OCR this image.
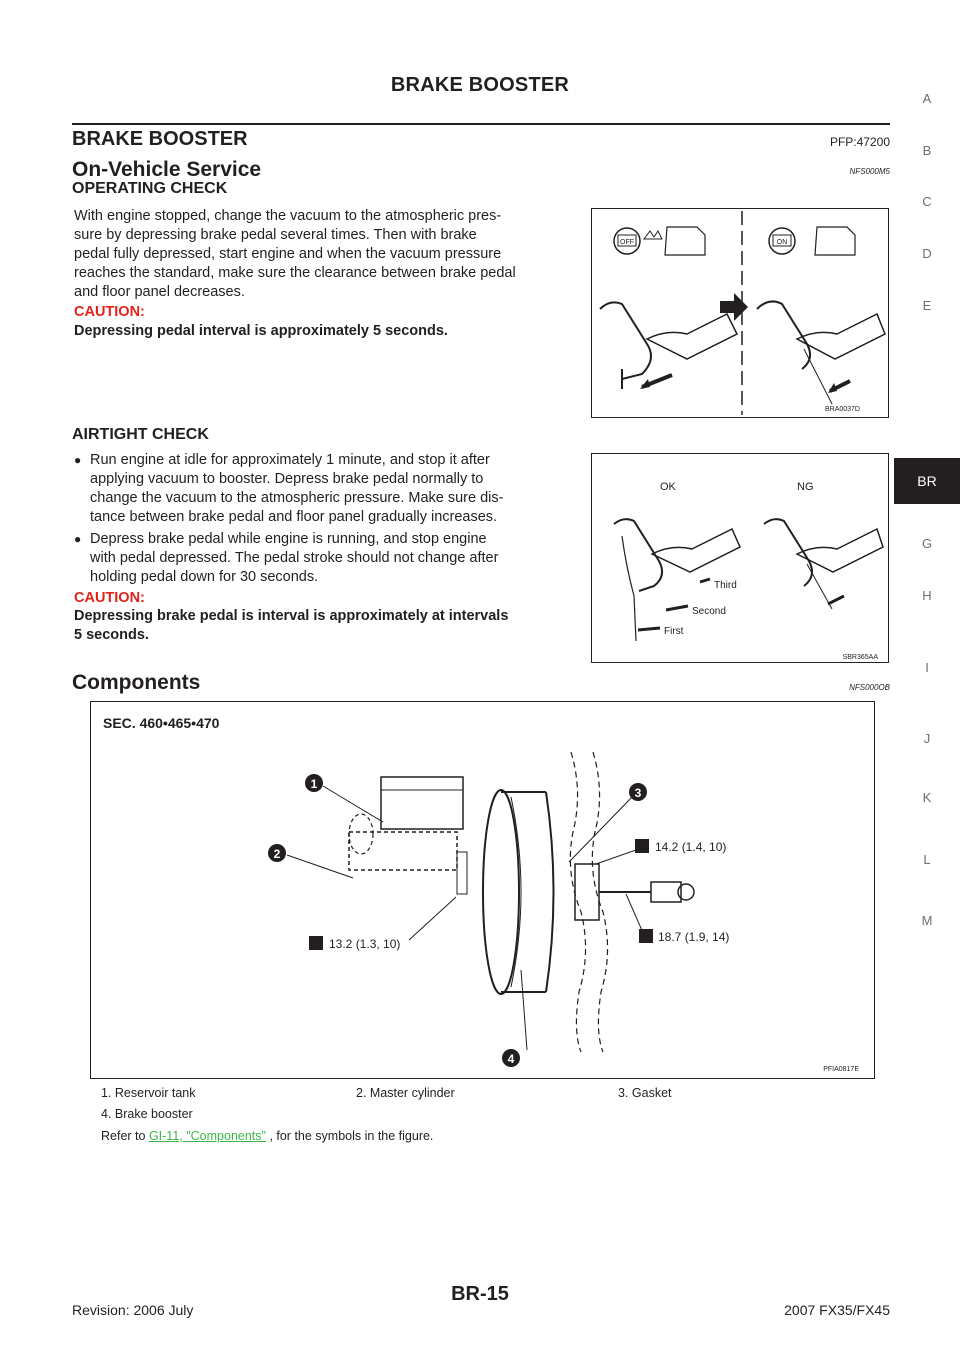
BRAKE BOOSTER
BRAKE BOOSTER	PFP:47200
On-Vehicle Service	NFS000M5
OPERATING CHECK
With engine stopped, change the vacuum to the atmospheric pres-
sure by depressing brake pedal several times. Then with brake
pedal fully depressed, start engine and when the vacuum pressure
reaches the standard, make sure the clearance between brake pedal
and floor panel decreases.
CAUTION:
Depressing pedal interval is approximately 5 seconds.
OFF	ON
BRA0037D
AIRTIGHT CHECK
● Run engine at idle for approximately 1 minute, and stop it after
applying vacuum to booster. Depress brake pedal normally to
change the vacuum to the atmospheric pressure. Make sure dis-
tance between brake pedal and floor panel gradually increases.
● Depress brake pedal while engine is running, and stop engine
with pedal depressed. The pedal stroke should not change after
holding pedal down for 30 seconds.
CAUTION:
Depressing brake pedal is interval is approximately at intervals
5 seconds.
OK	NG
Third
Second
First
SBR365AA
Components	NFS000OB
SEC. 460•465•470
1
2
3
4
14.2 (1.4, 10)
13.2 (1.3, 10)	18.7 (1.9, 14)
PFIA0817E
1. Reservoir tank	2. Master cylinder	3. Gasket
4. Brake booster
Refer to GI-11, "Components" , for the symbols in the figure.
A
B
C
D
E
BR
G
H
I
J
K
L
M
BR-15
Revision: 2006 July	2007 FX35/FX45
